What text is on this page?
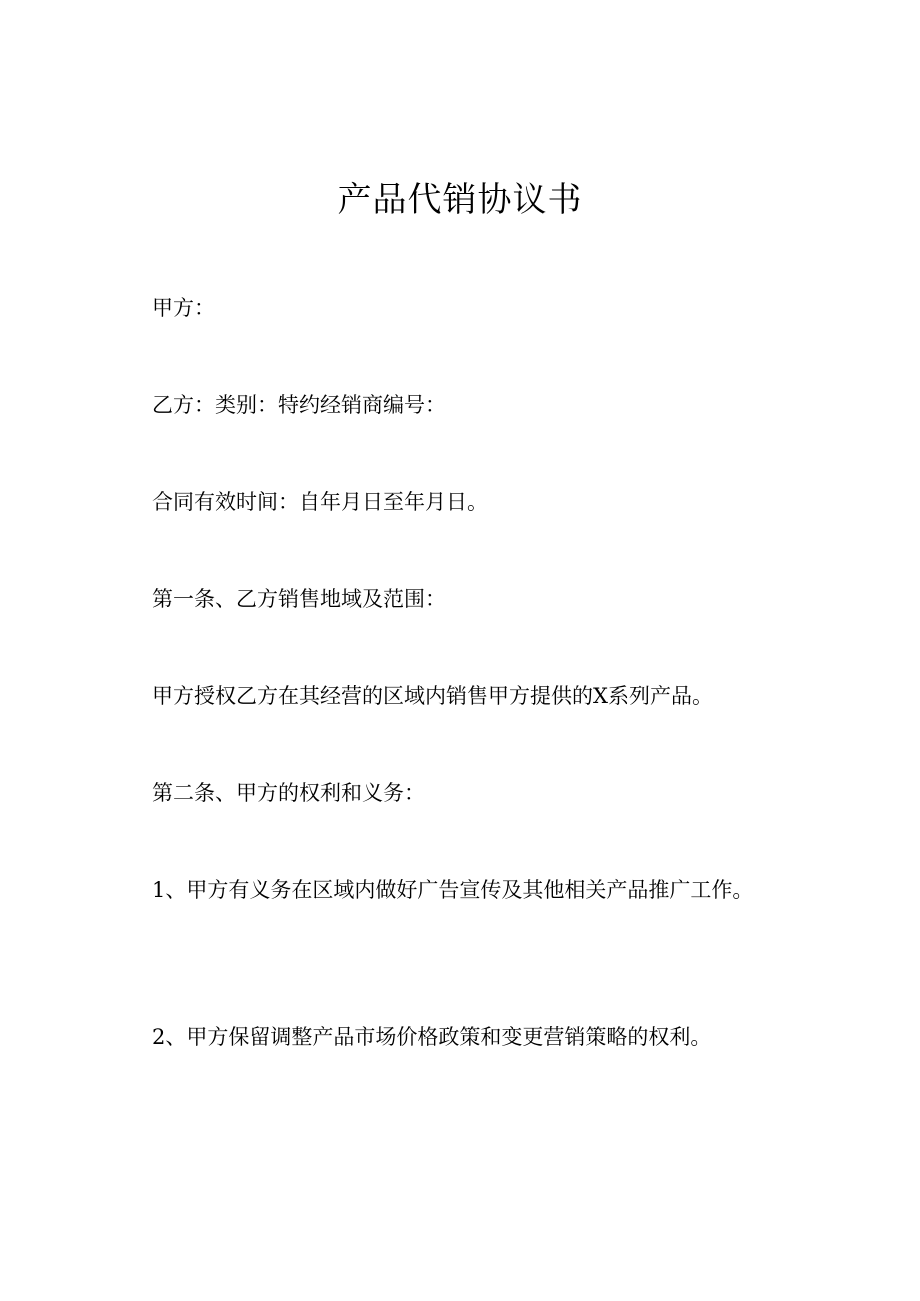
产品代销协议书

甲方：

乙方：类别：特约经销商编号：

合同有效时间：自年月日至年月日。

第一条、乙方销售地域及范围：

甲方授权乙方在其经营的区域内销售甲方提供的X系列产品。

第二条、甲方的权利和义务：

1、甲方有义务在区域内做好广告宣传及其他相关产品推广工作。

2、甲方保留调整产品市场价格政策和变更营销策略的权利。
